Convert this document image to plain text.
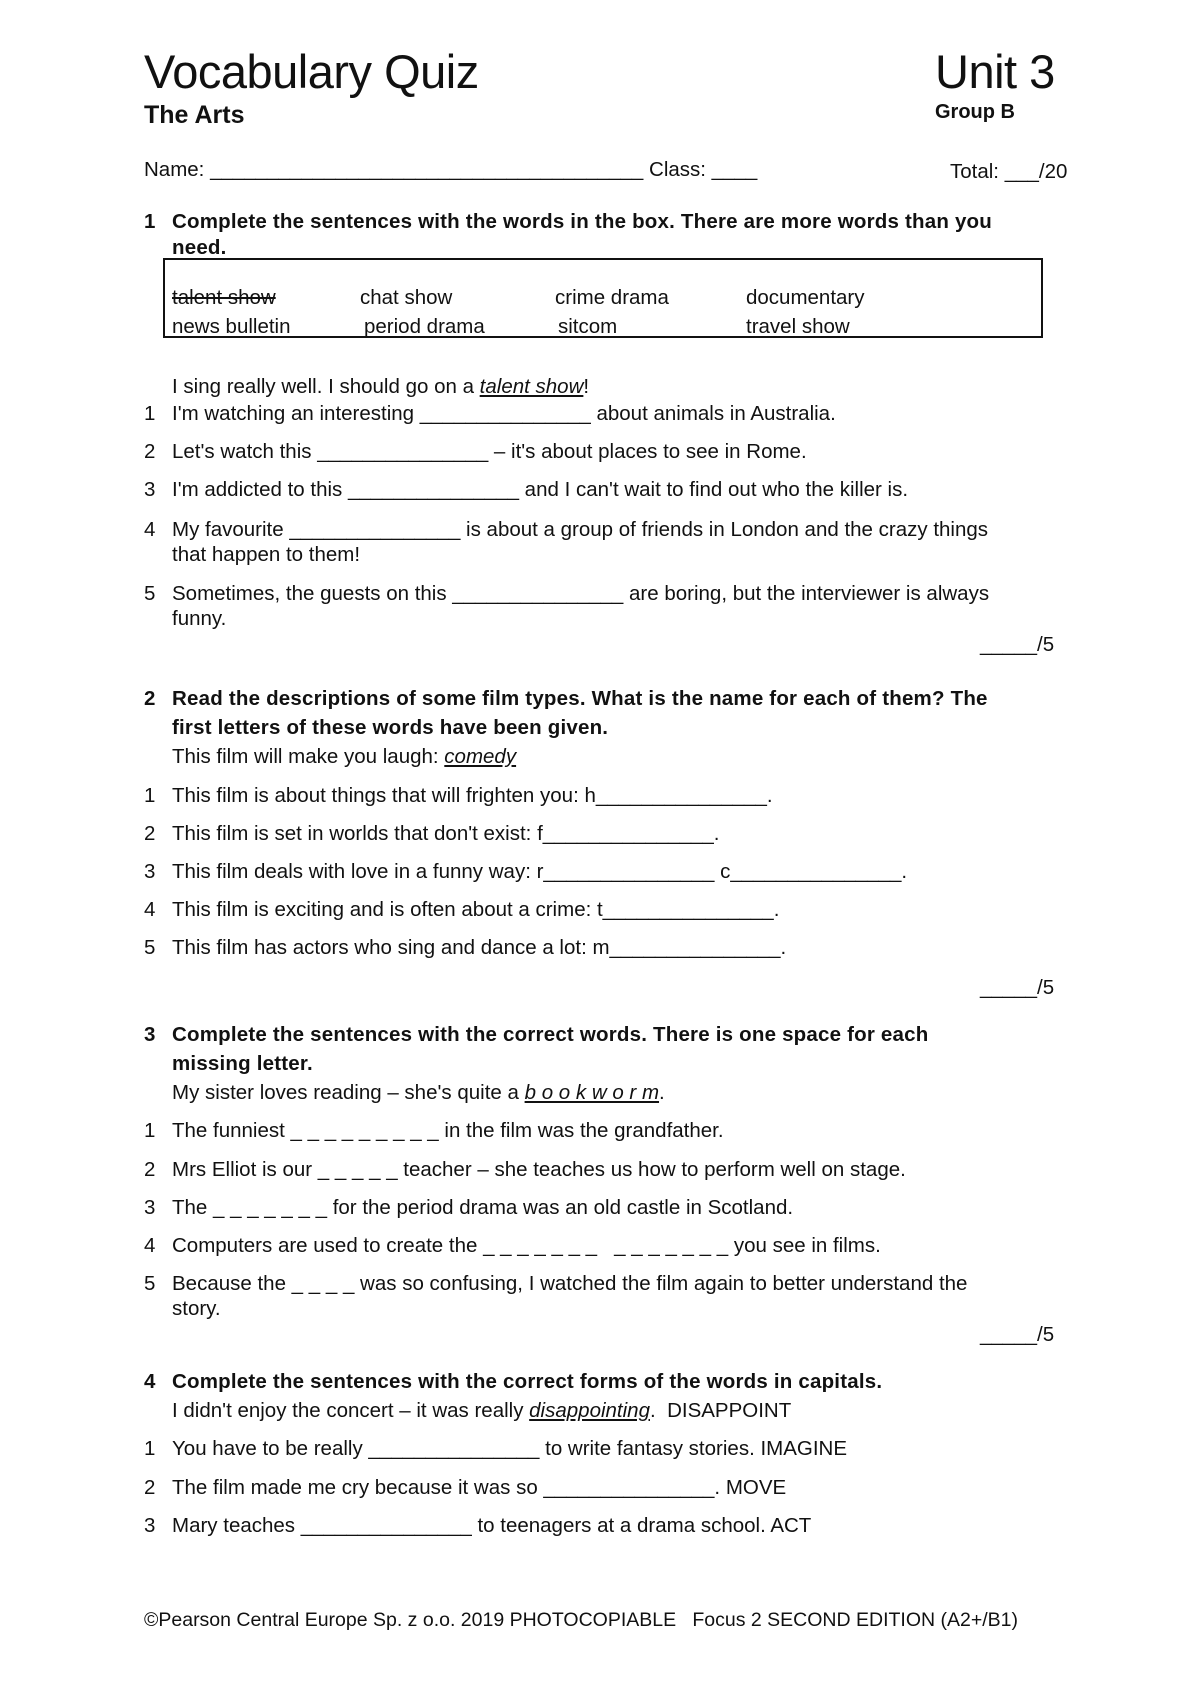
Vocabulary Quiz
The Arts
Unit 3
Group B
Name: ______________________________________ Class: ____	Total: ___/20
1 Complete the sentences with the words in the box. There are more words than you
need.
talent show	chat show	crime drama	documentary
news bulletin	period drama	sitcom	travel show
I sing really well. I should go on a talent show!
1 I'm watching an interesting _______________ about animals in Australia.
2 Let's watch this _______________ – it's about places to see in Rome.
3 I'm addicted to this _______________ and I can't wait to find out who the killer is.
4 My favourite _______________ is about a group of friends in London and the crazy things
that happen to them!
5 Sometimes, the guests on this _______________ are boring, but the interviewer is always
funny.
_____/5
2 Read the descriptions of some film types. What is the name for each of them? The
first letters of these words have been given.
This film will make you laugh: comedy
1 This film is about things that will frighten you: h_______________.
2 This film is set in worlds that don't exist: f_______________.
3 This film deals with love in a funny way: r_______________ c_______________.
4 This film is exciting and is often about a crime: t_______________.
5 This film has actors who sing and dance a lot: m_______________.
_____/5
3 Complete the sentences with the correct words. There is one space for each
missing letter.
My sister loves reading – she's quite a b o o k w o r m.
1 The funniest _ _ _ _ _ _ _ _ _ in the film was the grandfather.
2 Mrs Elliot is our _ _ _ _ _ teacher – she teaches us how to perform well on stage.
3 The _ _ _ _ _ _ _ for the period drama was an old castle in Scotland.
4 Computers are used to create the _ _ _ _ _ _ _   _ _ _ _ _ _ _ you see in films.
5 Because the _ _ _ _ was so confusing, I watched the film again to better understand the
story.
_____/5
4 Complete the sentences with the correct forms of the words in capitals.
I didn't enjoy the concert – it was really disappointing.  DISAPPOINT
1 You have to be really _______________ to write fantasy stories. IMAGINE
2 The film made me cry because it was so _______________. MOVE
3 Mary teaches _______________ to teenagers at a drama school. ACT
©Pearson Central Europe Sp. z o.o. 2019 PHOTOCOPIABLE   Focus 2 SECOND EDITION (A2+/B1)
